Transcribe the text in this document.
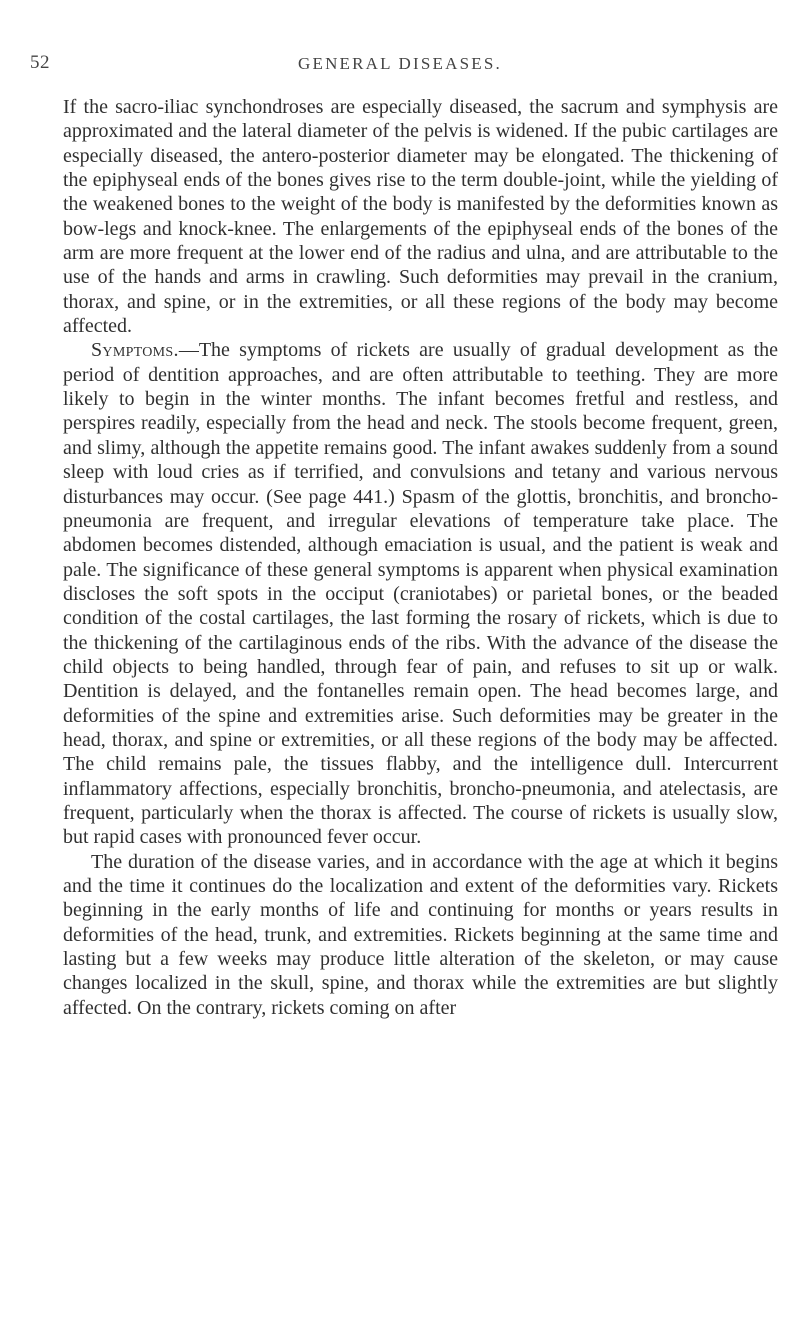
52	GENERAL DISEASES.

If the sacro-iliac synchondroses are especially diseased, the sacrum and symphysis are approximated and the lateral diameter of the pelvis is widened. If the pubic cartilages are especially diseased, the antero-posterior diameter may be elongated. The thickening of the epiphyseal ends of the bones gives rise to the term double-joint, while the yielding of the weakened bones to the weight of the body is manifested by the deformities known as bow-legs and knock-knee. The enlargements of the epiphyseal ends of the bones of the arm are more frequent at the lower end of the radius and ulna, and are attributable to the use of the hands and arms in crawling. Such deformities may prevail in the cranium, thorax, and spine, or in the extremities, or all these regions of the body may become affected.

Symptoms.—The symptoms of rickets are usually of gradual development as the period of dentition approaches, and are often attributable to teething. They are more likely to begin in the winter months. The infant becomes fretful and restless, and perspires readily, especially from the head and neck. The stools become frequent, green, and slimy, although the appetite remains good. The infant awakes suddenly from a sound sleep with loud cries as if terrified, and convulsions and tetany and various nervous disturbances may occur. (See page 441.) Spasm of the glottis, bronchitis, and broncho-pneumonia are frequent, and irregular elevations of temperature take place. The abdomen becomes distended, although emaciation is usual, and the patient is weak and pale. The significance of these general symptoms is apparent when physical examination discloses the soft spots in the occiput (craniotabes) or parietal bones, or the beaded condition of the costal cartilages, the last forming the rosary of rickets, which is due to the thickening of the cartilaginous ends of the ribs. With the advance of the disease the child objects to being handled, through fear of pain, and refuses to sit up or walk. Dentition is delayed, and the fontanelles remain open. The head becomes large, and deformities of the spine and extremities arise. Such deformities may be greater in the head, thorax, and spine or extremities, or all these regions of the body may be affected. The child remains pale, the tissues flabby, and the intelligence dull. Intercurrent inflammatory affections, especially bronchitis, broncho-pneumonia, and atelectasis, are frequent, particularly when the thorax is affected. The course of rickets is usually slow, but rapid cases with pronounced fever occur.

The duration of the disease varies, and in accordance with the age at which it begins and the time it continues do the localization and extent of the deformities vary. Rickets beginning in the early months of life and continuing for months or years results in deformities of the head, trunk, and extremities. Rickets beginning at the same time and lasting but a few weeks may produce little alteration of the skeleton, or may cause changes localized in the skull, spine, and thorax while the extremities are but slightly affected. On the contrary, rickets coming on after
